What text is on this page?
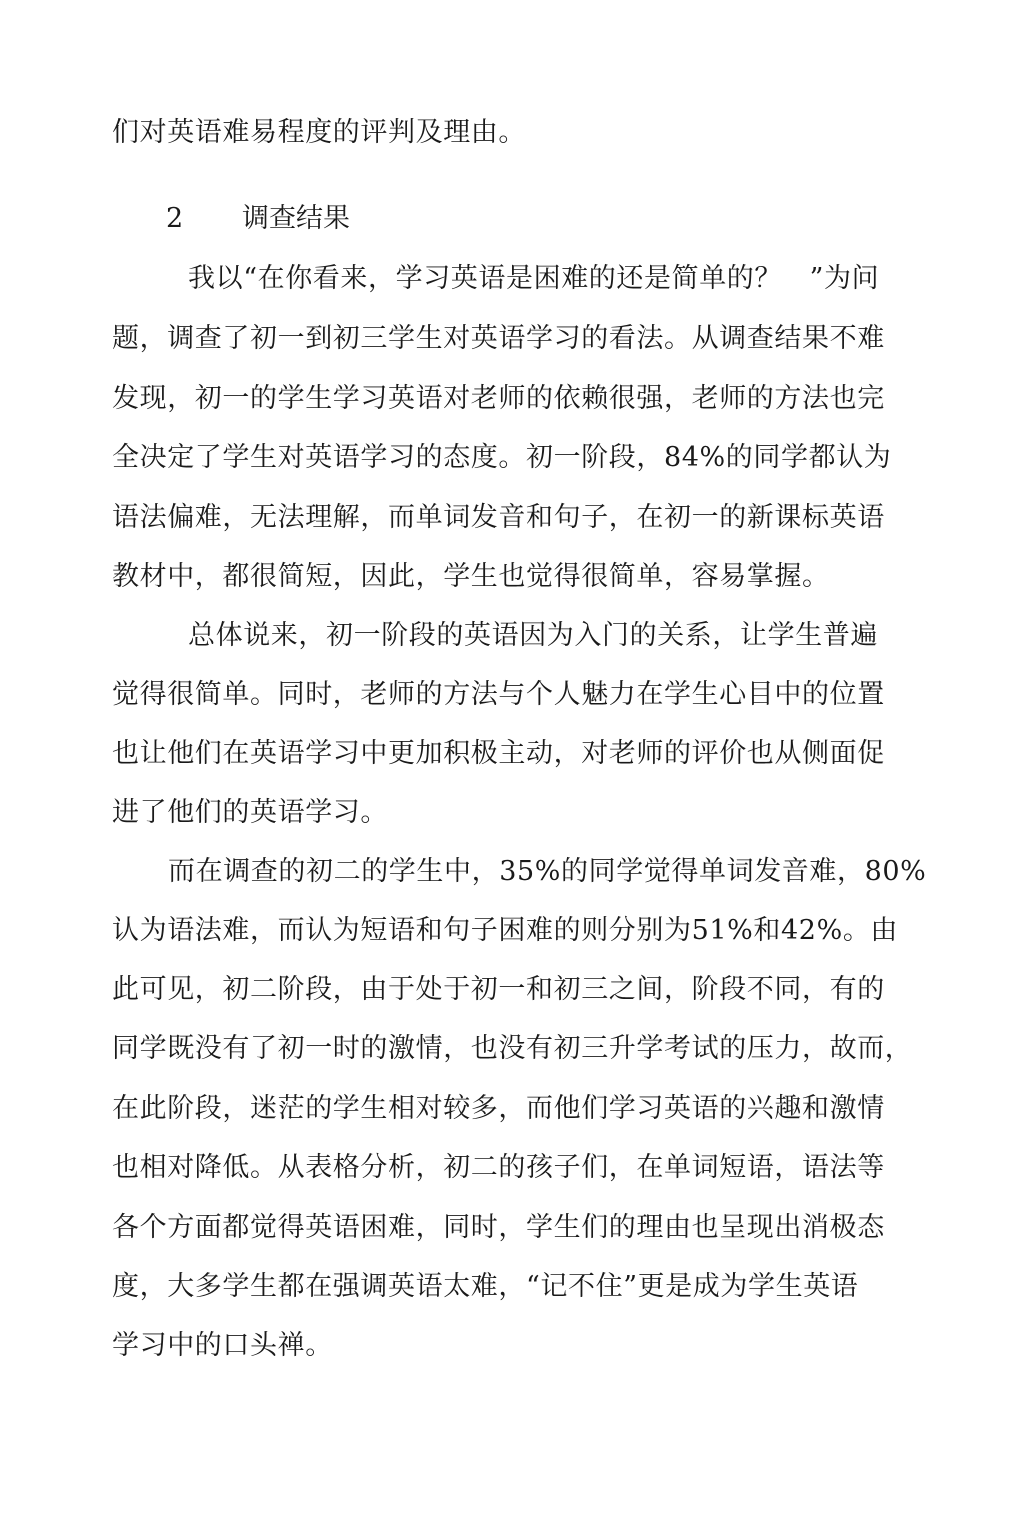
们对英语难易程度的评判及理由。
2 调查结果
我以“在你看来，学习英语是困难的还是简单的？　”为问
题，调查了初一到初三学生对英语学习的看法。从调查结果不难
发现，初一的学生学习英语对老师的依赖很强，老师的方法也完
全决定了学生对英语学习的态度。初一阶段，84%的同学都认为
语法偏难，无法理解，而单词发音和句子，在初一的新课标英语
教材中，都很简短，因此，学生也觉得很简单，容易掌握。
总体说来，初一阶段的英语因为入门的关系，让学生普遍
觉得很简单。同时，老师的方法与个人魅力在学生心目中的位置
也让他们在英语学习中更加积极主动，对老师的评价也从侧面促
进了他们的英语学习。
而在调查的初二的学生中，35%的同学觉得单词发音难，80%
认为语法难，而认为短语和句子困难的则分别为51%和42%。由
此可见，初二阶段，由于处于初一和初三之间，阶段不同，有的
同学既没有了初一时的激情，也没有初三升学考试的压力，故而，
在此阶段，迷茫的学生相对较多，而他们学习英语的兴趣和激情
也相对降低。从表格分析，初二的孩子们，在单词短语，语法等
各个方面都觉得英语困难，同时，学生们的理由也呈现出消极态
度，大多学生都在强调英语太难，“记不住”更是成为学生英语
学习中的口头禅。
